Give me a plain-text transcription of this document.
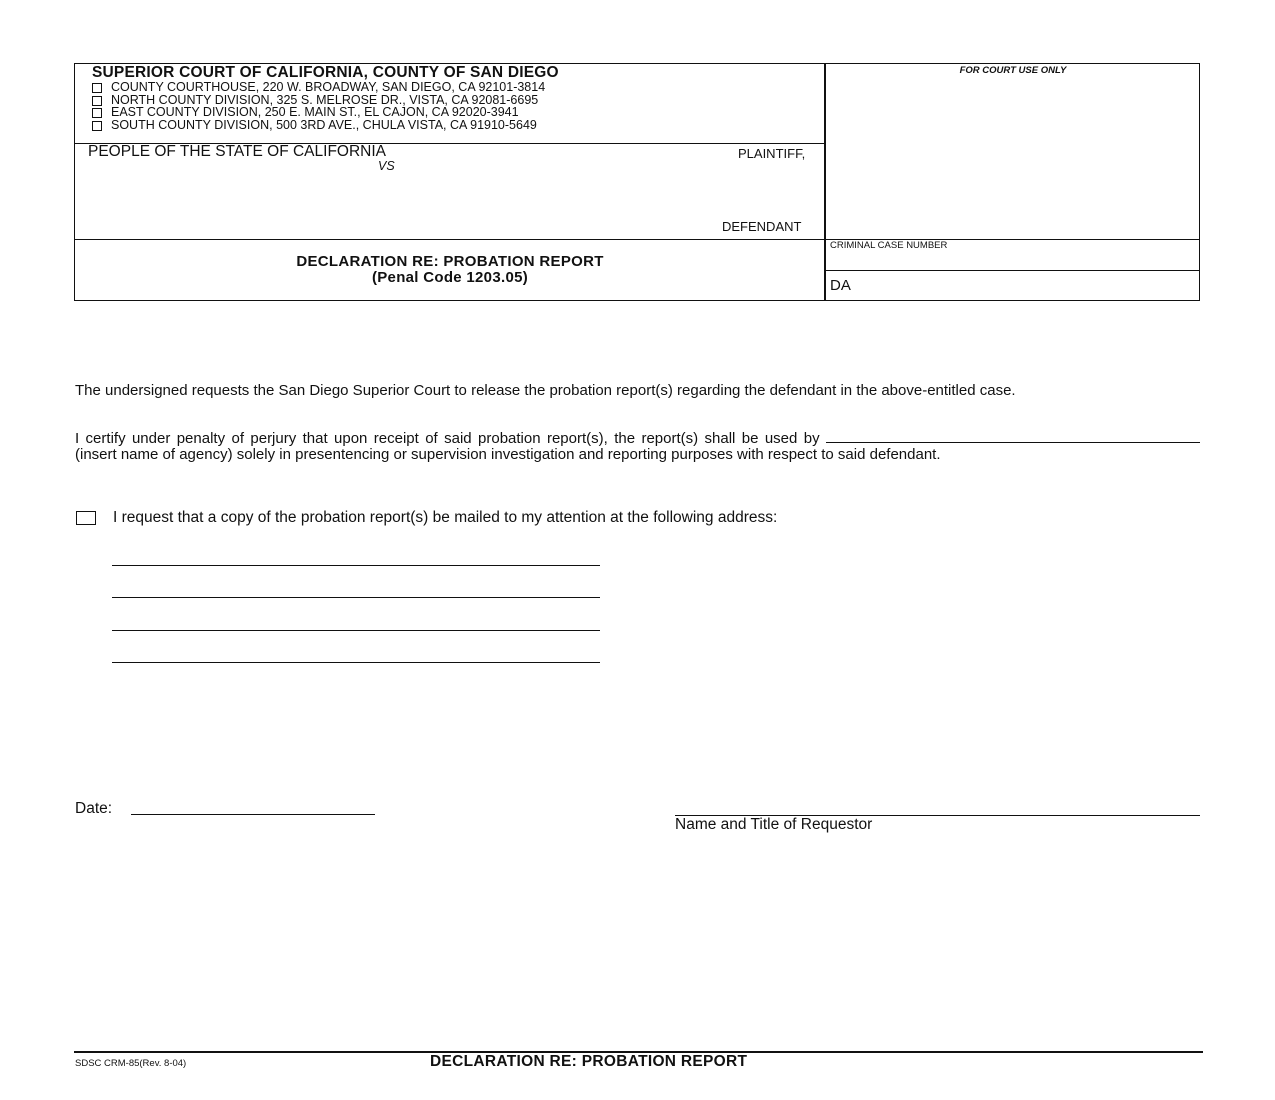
SUPERIOR COURT OF CALIFORNIA, COUNTY OF SAN DIEGO
COUNTY COURTHOUSE, 220 W. BROADWAY, SAN DIEGO, CA 92101-3814
NORTH COUNTY DIVISION, 325 S. MELROSE DR., VISTA, CA 92081-6695
EAST COUNTY DIVISION, 250 E. MAIN ST., EL CAJON, CA 92020-3941
SOUTH COUNTY DIVISION, 500 3RD AVE., CHULA VISTA, CA 91910-5649
FOR COURT USE ONLY
PEOPLE OF THE STATE OF CALIFORNIA
VS
PLAINTIFF,
DEFENDANT
DECLARATION RE: PROBATION REPORT
(Penal Code 1203.05)
CRIMINAL CASE NUMBER
DA
The undersigned requests the San Diego Superior Court to release the probation report(s) regarding the defendant in the above-entitled case.
I certify under penalty of perjury that upon receipt of said probation report(s), the report(s) shall be used by  (insert name of agency) solely in presentencing or supervision investigation and reporting purposes with respect to said defendant.
I request that a copy of the probation report(s) be mailed to my attention at the following address:
Date:
Name and Title of Requestor
SDSC CRM-85(Rev. 8-04)	DECLARATION RE: PROBATION REPORT
